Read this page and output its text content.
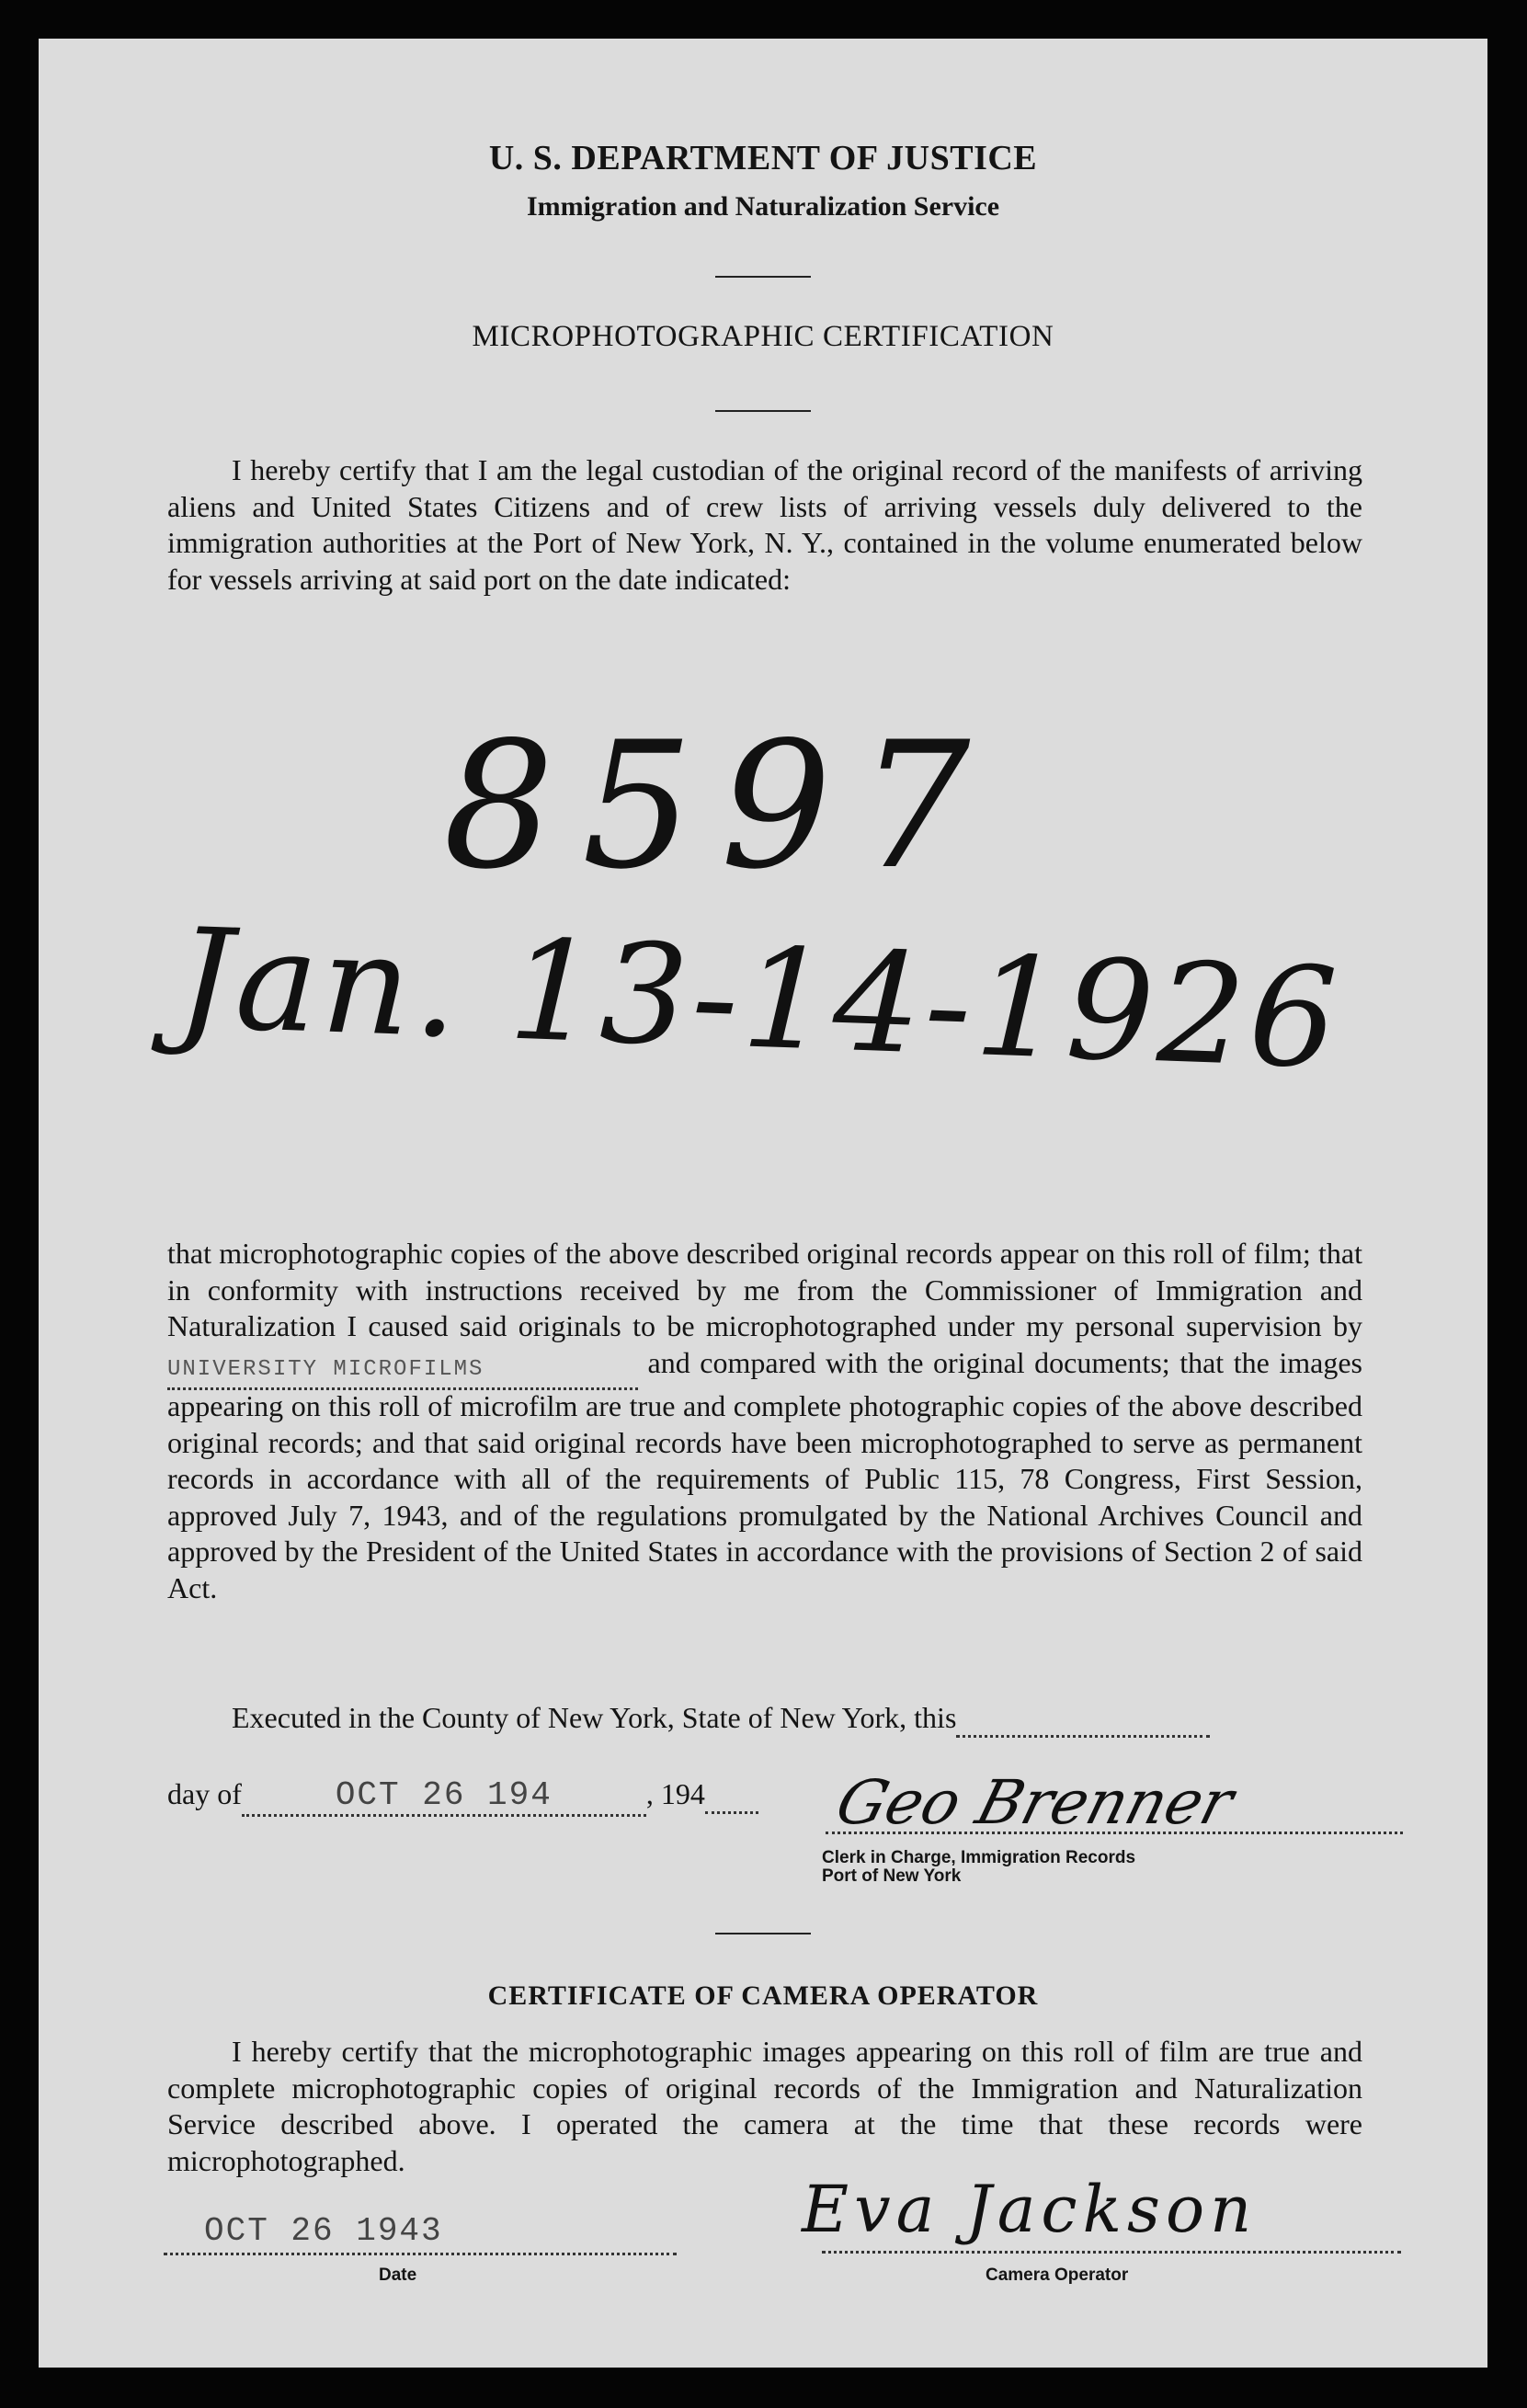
U. S. DEPARTMENT OF JUSTICE
Immigration and Naturalization Service
MICROPHOTOGRAPHIC CERTIFICATION

I hereby certify that I am the legal custodian of the original record of the manifests of arriving aliens and United States Citizens and of crew lists of arriving vessels duly delivered to the immigration authorities at the Port of New York, N. Y., contained in the volume enumerated below for vessels arriving at said port on the date indicated:

8597
Jan. 13-14-1926

that microphotographic copies of the above described original records appear on this roll of film; that in conformity with instructions received by me from the Commissioner of Immigration and Naturalization I caused said originals to be microphotographed under my personal supervision by UNIVERSITY MICROFILMS	and compared with the original documents; that the images appearing on this roll of microfilm are true and complete photographic copies of the above described original records; and that said original records have been microphotographed to serve as permanent records in accordance with all of the requirements of Public 115, 78 Congress, First Session, approved July 7, 1943, and of the regulations promulgated by the National Archives Council and approved by the President of the United States in accordance with the provisions of Section 2 of said Act.

Executed in the County of New York, State of New York, this
day of	OCT 26 194	, 194	Geo Brenner
Clerk in Charge, Immigration Records
Port of New York
CERTIFICATE OF CAMERA OPERATOR

I hereby certify that the microphotographic images appearing on this roll of film are true and complete microphotographic copies of original records of the Immigration and Naturalization Service described above. I operated the camera at the time that these records were microphotographed.

OCT 26 1943
Date
Eva Jackson
Camera Operator
